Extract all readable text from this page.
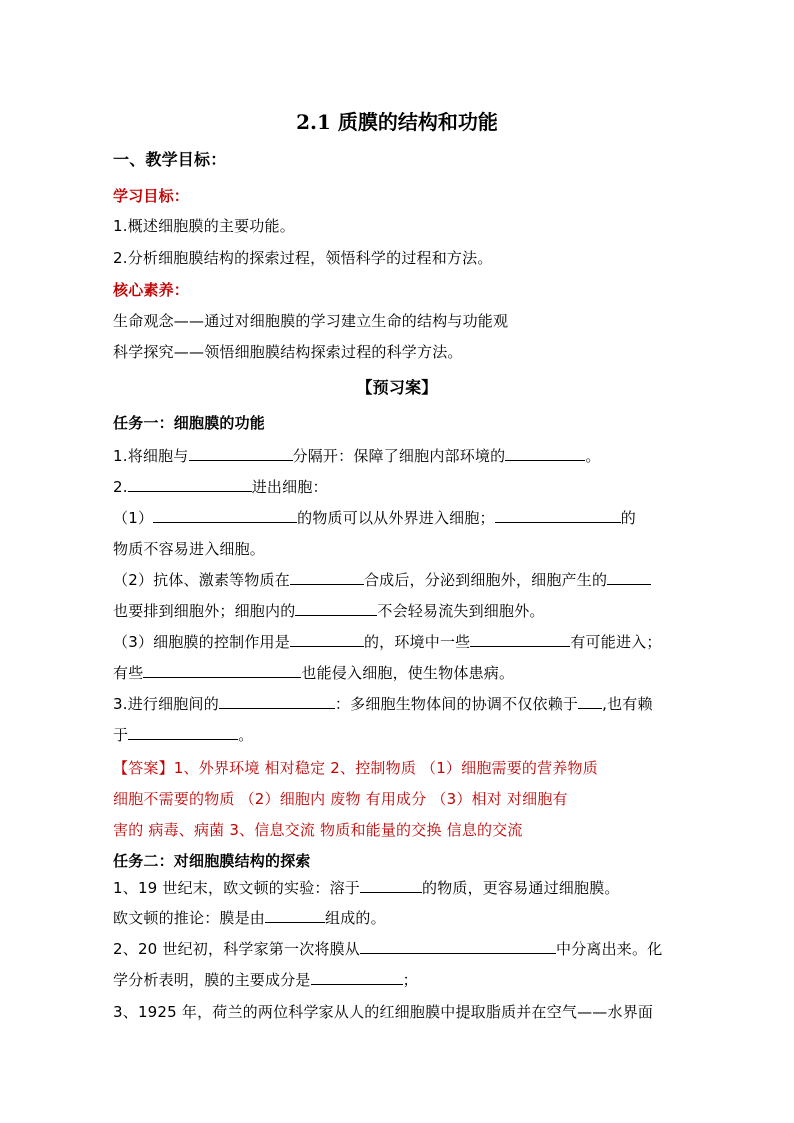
2.1 质膜的结构和功能
一、教学目标：
学习目标：
1.概述细胞膜的主要功能。
2.分析细胞膜结构的探索过程，领悟科学的过程和方法。
核心素养：
生命观念——通过对细胞膜的学习建立生命的结构与功能观
科学探究——领悟细胞膜结构探索过程的科学方法。
【预习案】
任务一：细胞膜的功能
1.将细胞与	分隔开：保障了细胞内部环境的	。
2.	进出细胞：
（1）	的物质可以从外界进入细胞；	的
物质不容易进入细胞。
（2）抗体、激素等物质在	合成后，分泌到细胞外，细胞产生的
也要排到细胞外；细胞内的	不会轻易流失到细胞外。
（3）细胞膜的控制作用是	的，环境中一些	有可能进入；
有些	也能侵入细胞，使生物体患病。
3.进行细胞间的	：多细胞生物体间的协调不仅依赖于 ,也有赖
于	。
【答案】1、外界环境 相对稳定 2、控制物质 （1）细胞需要的营养物质
细胞不需要的物质 （2）细胞内 废物 有用成分 （3）相对 对细胞有
害的 病毒、病菌 3、信息交流 物质和能量的交换 信息的交流
任务二：对细胞膜结构的探索
1、19 世纪末，欧文顿的实验：溶于	的物质，更容易通过细胞膜。
欧文顿的推论：膜是由	组成的。
2、20 世纪初，科学家第一次将膜从	中分离出来。化
学分析表明，膜的主要成分是	；
3、1925 年，荷兰的两位科学家从人的红细胞膜中提取脂质并在空气——水界面
